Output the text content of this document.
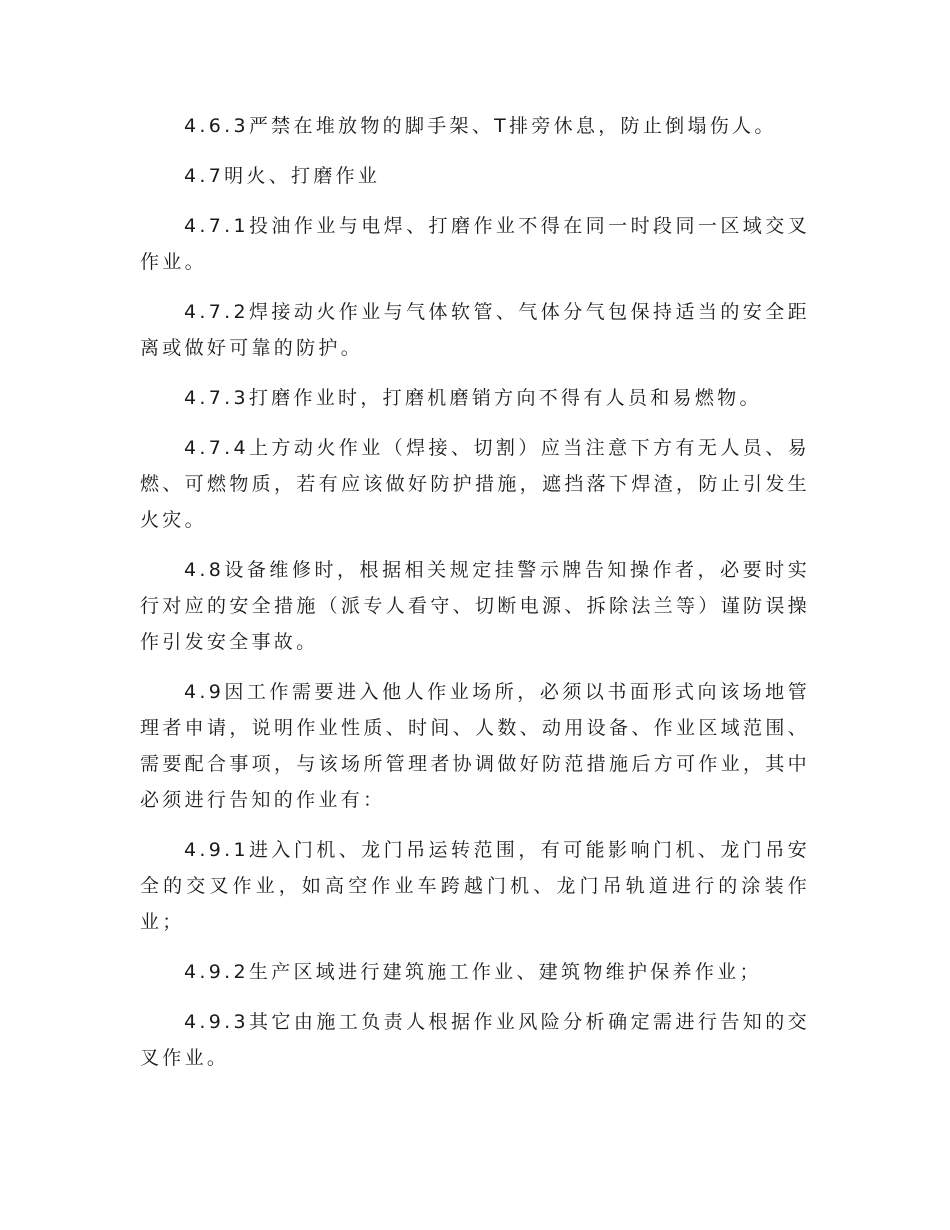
4.6.3严禁在堆放物的脚手架、T排旁休息，防止倒塌伤人。

4.7明火、打磨作业

4.7.1投油作业与电焊、打磨作业不得在同一时段同一区域交叉作业。

4.7.2焊接动火作业与气体软管、气体分气包保持适当的安全距离或做好可靠的防护。

4.7.3打磨作业时，打磨机磨销方向不得有人员和易燃物。

4.7.4上方动火作业（焊接、切割）应当注意下方有无人员、易燃、可燃物质，若有应该做好防护措施，遮挡落下焊渣，防止引发生火灾。

4.8设备维修时，根据相关规定挂警示牌告知操作者，必要时实行对应的安全措施（派专人看守、切断电源、拆除法兰等）谨防误操作引发安全事故。

4.9因工作需要进入他人作业场所，必须以书面形式向该场地管理者申请，说明作业性质、时间、人数、动用设备、作业区域范围、需要配合事项，与该场所管理者协调做好防范措施后方可作业，其中必须进行告知的作业有：

4.9.1进入门机、龙门吊运转范围，有可能影响门机、龙门吊安全的交叉作业，如高空作业车跨越门机、龙门吊轨道进行的涂装作业；

4.9.2生产区域进行建筑施工作业、建筑物维护保养作业；

4.9.3其它由施工负责人根据作业风险分析确定需进行告知的交叉作业。
